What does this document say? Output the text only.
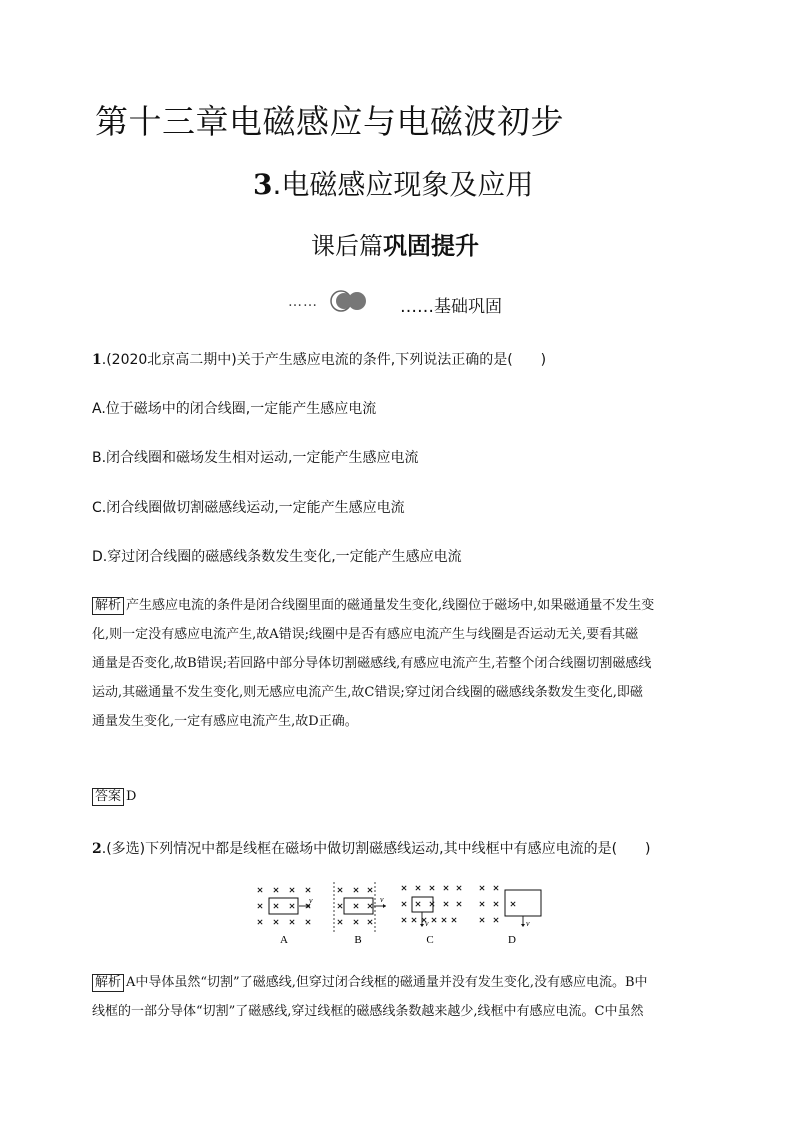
第十三章电磁感应与电磁波初步
3.电磁感应现象及应用
课后篇巩固提升
……	……基础巩固
1.(2020北京高二期中)关于产生感应电流的条件,下列说法正确的是(　　)
A.位于磁场中的闭合线圈,一定能产生感应电流
B.闭合线圈和磁场发生相对运动,一定能产生感应电流
C.闭合线圈做切割磁感线运动,一定能产生感应电流
D.穿过闭合线圈的磁感线条数发生变化,一定能产生感应电流

解析 产生感应电流的条件是闭合线圈里面的磁通量发生变化,线圈位于磁场中,如果磁通量不发生变

化,则一定没有感应电流产生,故A错误;线圈中是否有感应电流产生与线圈是否运动无关,要看其磁

通量是否变化,故B错误;若回路中部分导体切割磁感线,有感应电流产生,若整个闭合线圈切割磁感线

运动,其磁通量不发生变化,则无感应电流产生,故C错误;穿过闭合线圈的磁感线条数发生变化,即磁

通量发生变化,一定有感应电流产生,故D正确。

答案 D
2.(多选)下列情况中都是线框在磁场中做切割磁感线运动,其中线框中有感应电流的是(　　)
v	v
v	v
A	B	C	D

解析 A中导体虽然“切割”了磁感线,但穿过闭合线框的磁通量并没有发生变化,没有感应电流。B中

线框的一部分导体“切割”了磁感线,穿过线框的磁感线条数越来越少,线框中有感应电流。C中虽然
